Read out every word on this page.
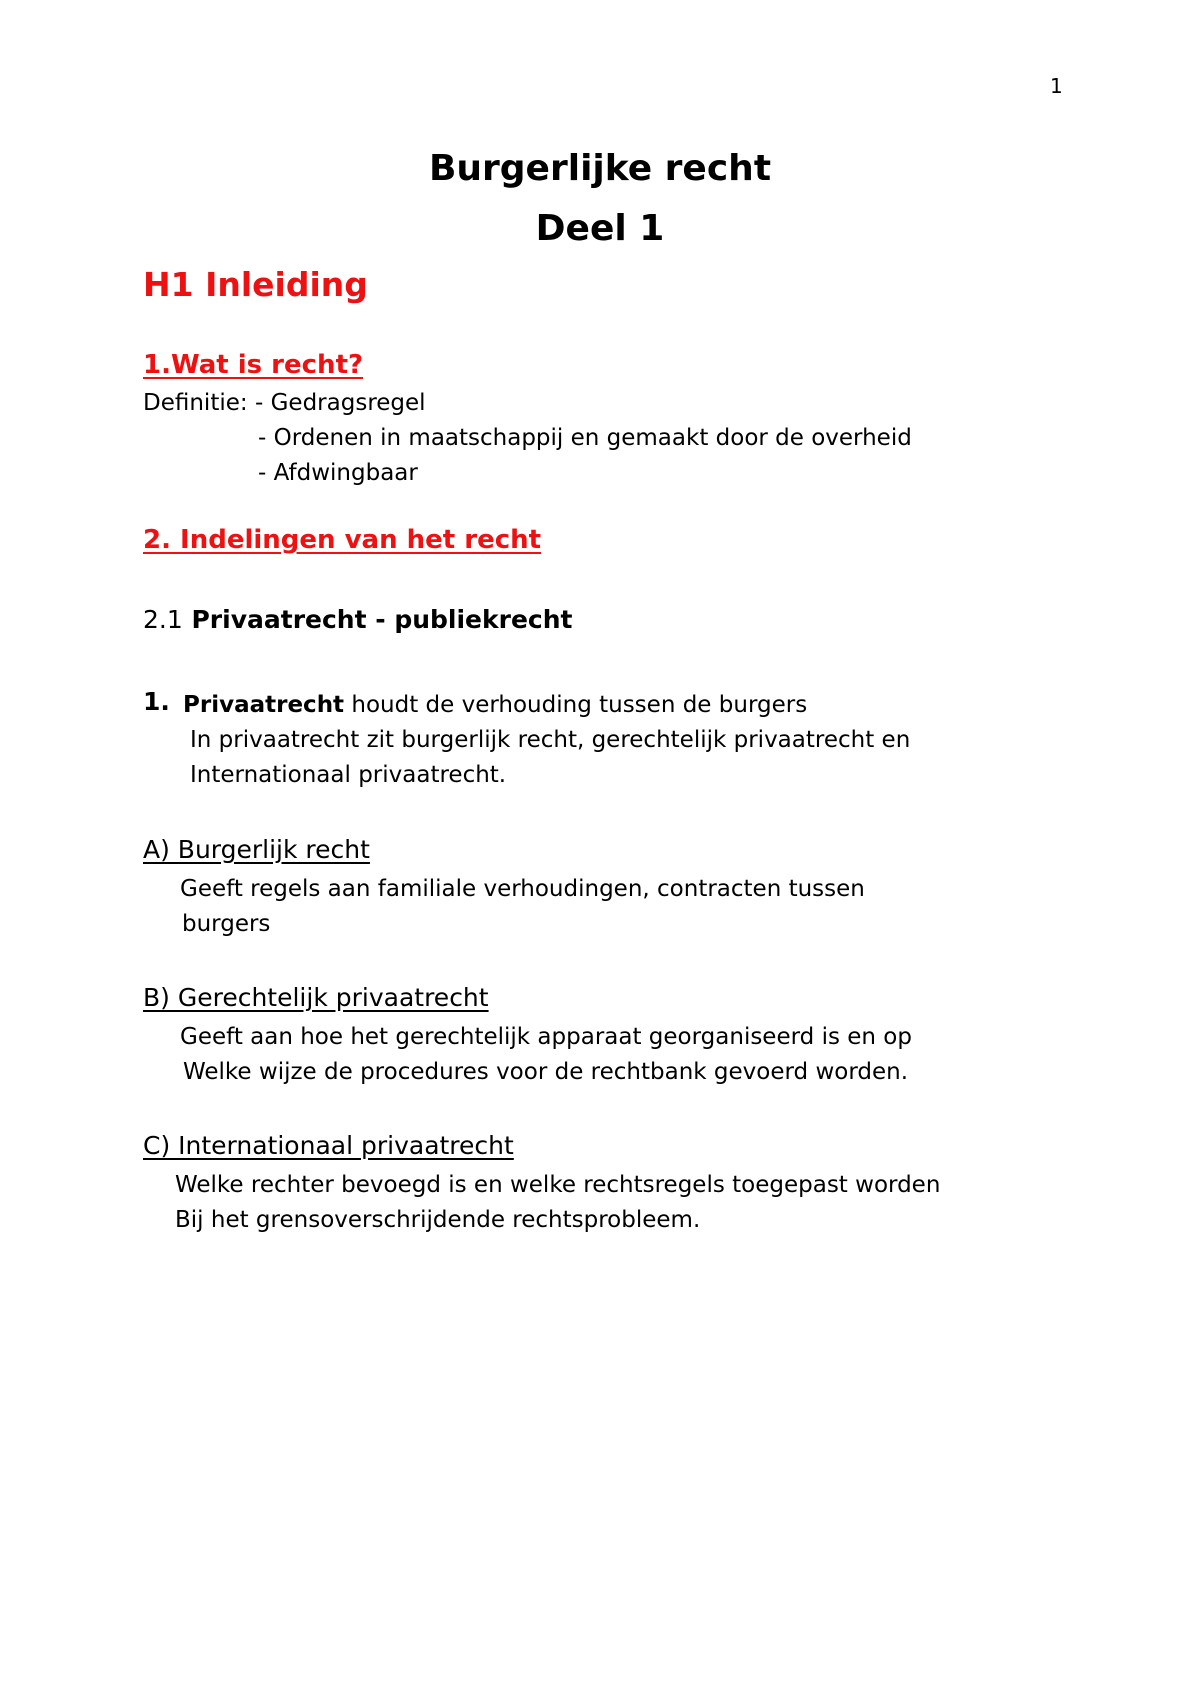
1
Burgerlijke recht
Deel 1
H1 Inleiding
1.Wat is recht?
Definitie: - Gedragsregel
- Ordenen in maatschappij en gemaakt door de overheid
- Afdwingbaar
2. Indelingen van het recht
2.1 Privaatrecht - publiekrecht
1. Privaatrecht houdt de verhouding tussen de burgers
In privaatrecht zit burgerlijk recht, gerechtelijk privaatrecht en
Internationaal privaatrecht.
A) Burgerlijk recht
Geeft regels aan familiale verhoudingen, contracten tussen
burgers
B) Gerechtelijk privaatrecht
Geeft aan hoe het gerechtelijk apparaat georganiseerd is en op
Welke wijze de procedures voor de rechtbank gevoerd worden.
C) Internationaal privaatrecht
Welke rechter bevoegd is en welke rechtsregels toegepast worden
Bij het grensoverschrijdende rechtsprobleem.
